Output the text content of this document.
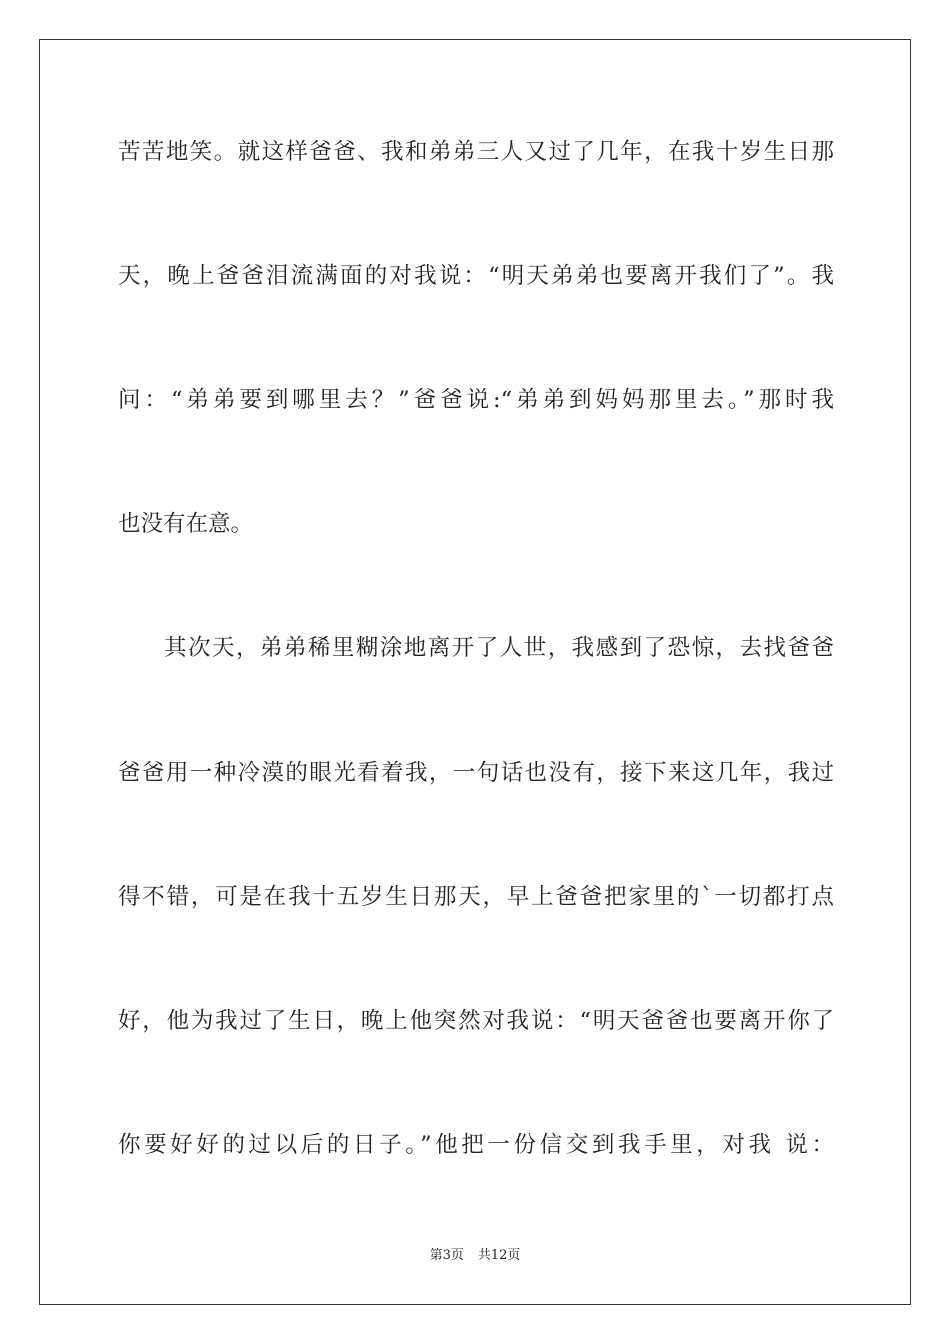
苦苦地笑。就这样爸爸、我和弟弟三人又过了几年，在我十岁生日那
天，晚上爸爸泪流满面的对我说：“明天弟弟也要离开我们了”。我
问：“弟弟要到哪里去？”爸爸说:“弟弟到妈妈那里去。”那时我
也没有在意。
其次天，弟弟稀里糊涂地离开了人世，我感到了恐惊，去找爸爸
爸爸用一种冷漠的眼光看着我，一句话也没有，接下来这几年，我过
得不错，可是在我十五岁生日那天，早上爸爸把家里的`一切都打点
好，他为我过了生日，晚上他突然对我说：“明天爸爸也要离开你了
你要好好的过以后的日子。”他把一份信交到我手里，对我 说：
第3页 共12页
